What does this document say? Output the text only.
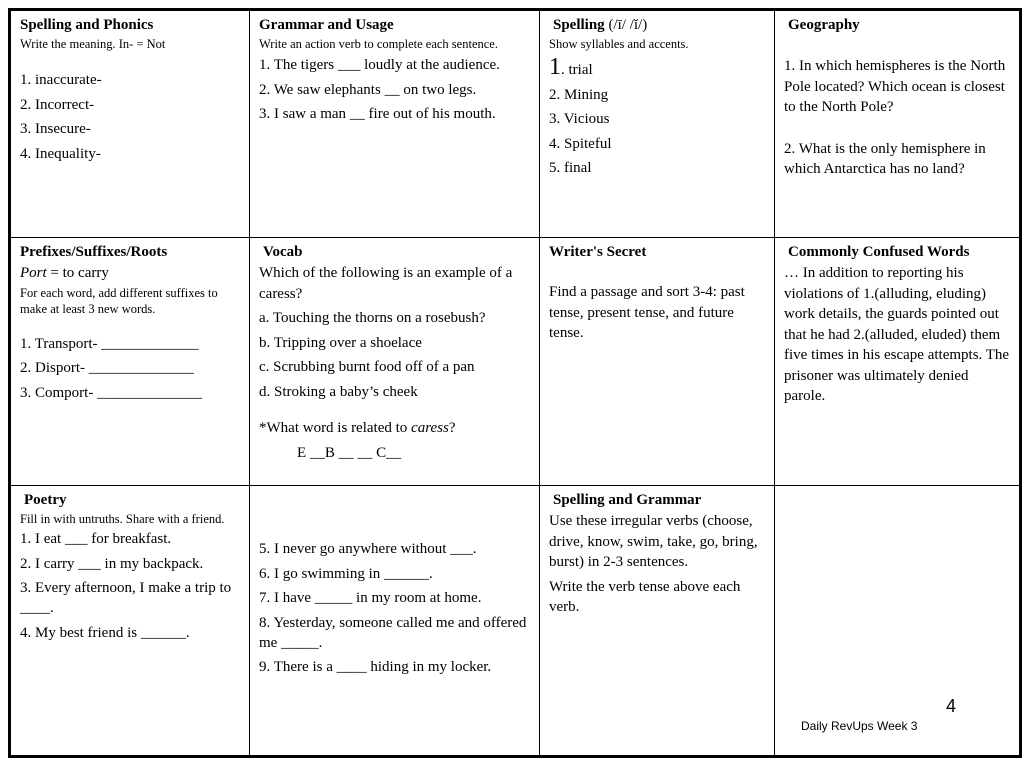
Spelling and Phonics
Write the meaning. In- = Not
1. inaccurate-
2. Incorrect-
3. Insecure-
4. Inequality-
Grammar and Usage
Write an action verb to complete each sentence.
1. The tigers ___ loudly at the audience.
2. We saw elephants __ on two legs.
3. I saw a man __ fire out of his mouth.
Spelling (/ī/ /ĭ/)
Show syllables and accents.
1. trial
2. Mining
3. Vicious
4. Spiteful
5. final
Geography
1. In which hemispheres is the North Pole located? Which ocean is closest to the North Pole?
2. What is the only hemisphere in which Antarctica has no land?
Prefixes/Suffixes/Roots
Port = to carry
For each word, add different suffixes to make at least 3 new words.
1. Transport- _____________
2. Disport- ______________
3. Comport- ______________
Vocab
Which of the following is an example of a caress?
a. Touching the thorns on a rosebush?
b. Tripping over a shoelace
c. Scrubbing burnt food off of a pan
d. Stroking a baby’s cheek
*What word is related to caress?
E __B __ __ C__
Writer's Secret
Find a passage and sort 3-4: past tense, present tense, and future tense.
Commonly Confused Words
… In addition to reporting his violations of 1.(alluding, eluding) work details, the guards pointed out that he had 2.(alluded, eluded) them five times in his escape attempts. The prisoner was ultimately denied parole.
Poetry
Fill in with untruths. Share with a friend.
1. I eat ___ for breakfast.
2. I carry ___ in my backpack.
3. Every afternoon, I make a trip to ____.
4. My best friend is ______.
5. I never go anywhere without ___.
6. I go swimming in ______.
7. I have _____ in my room at home.
8. Yesterday, someone called me and offered me _____.
9. There is a ____ hiding in my locker.
Spelling and Grammar
Use these irregular verbs (choose, drive, know, swim, take, go, bring, burst) in 2-3 sentences.
Write the verb tense above each verb.
Daily RevUps Week 3
4
